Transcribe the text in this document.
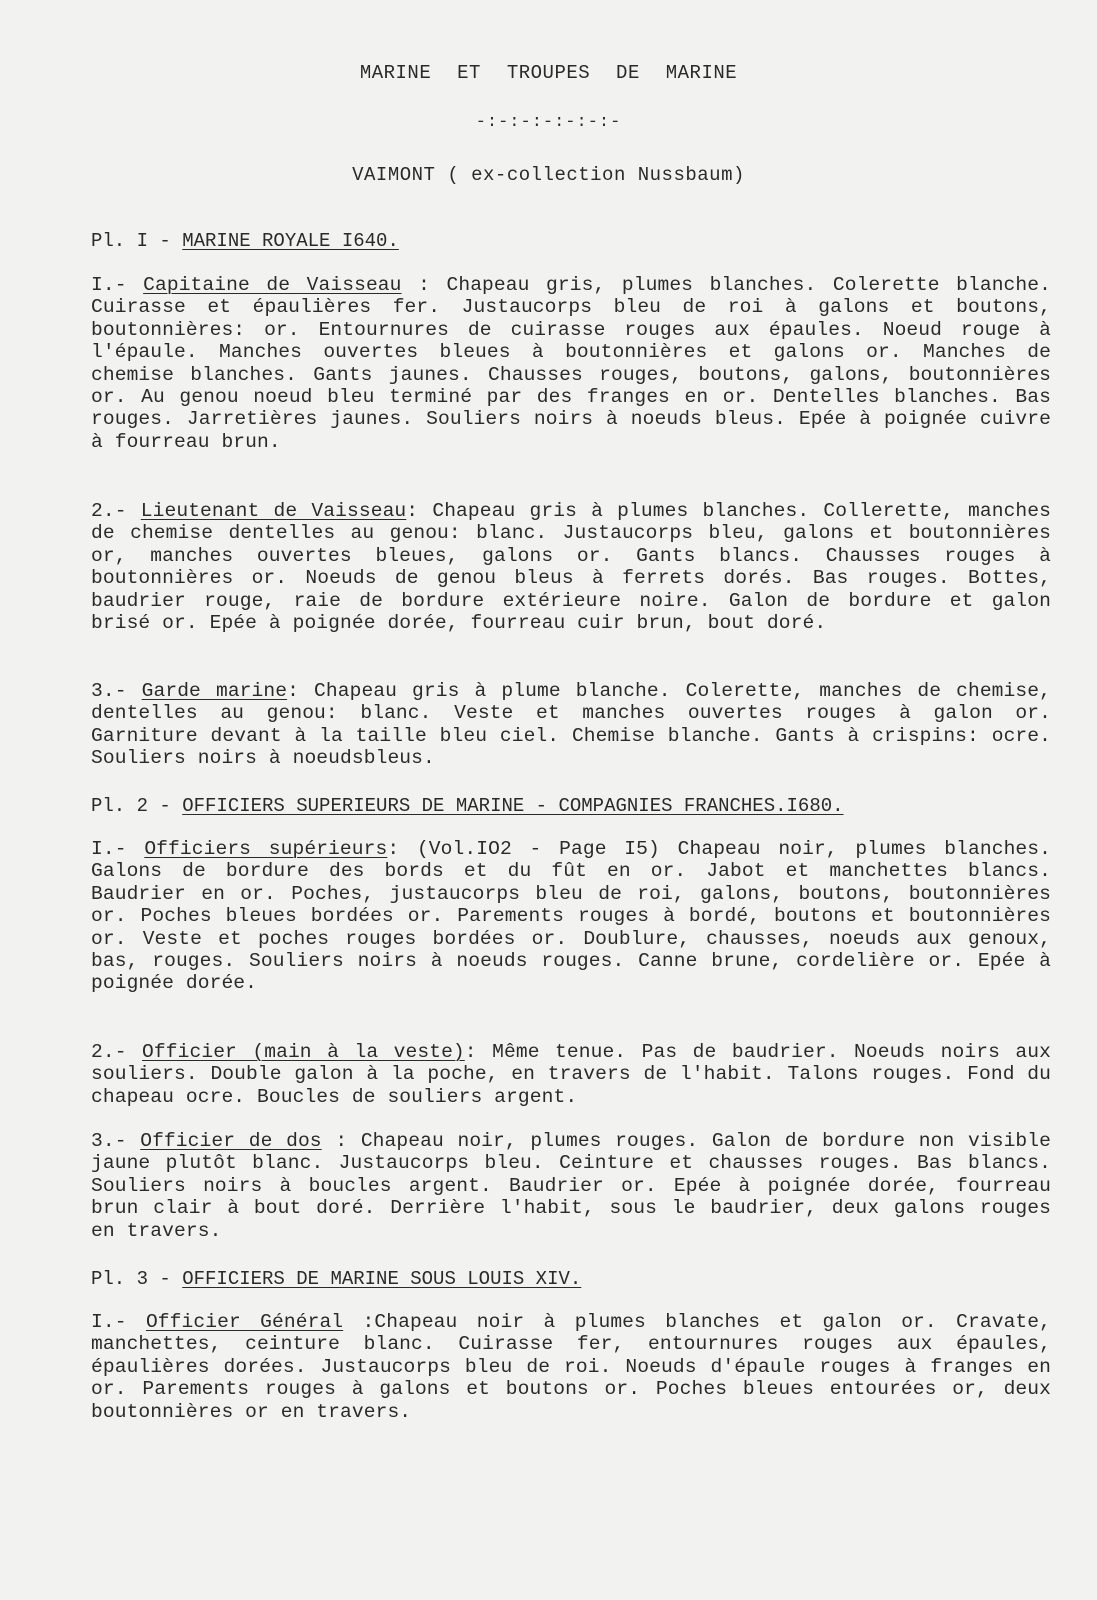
MARINE ET TROUPES DE MARINE
-:-:-:-:-:-:-
VAIMONT ( ex-collection Nussbaum)
Pl. I - MARINE ROYALE I640.
I.- Capitaine de Vaisseau : Chapeau gris, plumes blanches. Colerette blanche. Cuirasse et épaulières fer. Justaucorps bleu de roi à galons et boutons, boutonnières: or. Entournures de cuirasse rouges aux épaules. Noeud rouge à l'épaule. Manches ouvertes bleues à boutonnières et galons or. Manches de chemise blanches. Gants jaunes. Chausses rouges, boutons, galons, boutonnières or. Au genou noeud bleu terminé par des franges en or. Dentelles blanches. Bas rouges. Jarretières jaunes. Souliers noirs à noeuds bleus. Epée à poignée cuivre à fourreau brun.
2.- Lieutenant de Vaisseau: Chapeau gris à plumes blanches. Collerette, manches de chemise dentelles au genou: blanc. Justaucorps bleu, galons et boutonnières or, manches ouvertes bleues, galons or. Gants blancs. Chausses rouges à boutonnières or. Noeuds de genou bleus à ferrets dorés. Bas rouges. Bottes, baudrier rouge, raie de bordure extérieure noire. Galon de bordure et galon brisé or. Epée à poignée dorée, fourreau cuir brun, bout doré.
3.- Garde marine: Chapeau gris à plume blanche. Colerette, manches de chemise, dentelles au genou: blanc. Veste et manches ouvertes rouges à galon or. Garniture devant à la taille bleu ciel. Chemise blanche. Gants à crispins: ocre. Souliers noirs à noeudsbleus.
Pl. 2 - OFFICIERS SUPERIEURS DE MARINE - COMPAGNIES FRANCHES.I680.
I.- Officiers supérieurs: (Vol.IO2 - Page I5) Chapeau noir, plumes blanches. Galons de bordure des bords et du fût en or. Jabot et manchettes blancs. Baudrier en or. Poches, justaucorps bleu de roi, galons, boutons, boutonnières or. Poches bleues bordées or. Parements rouges à bordé, boutons et boutonnières or. Veste et poches rouges bordées or. Doublure, chausses, noeuds aux genoux, bas, rouges. Souliers noirs à noeuds rouges. Canne brune, cordelière or. Epée à poignée dorée.
2.- Officier (main à la veste): Même tenue. Pas de baudrier. Noeuds noirs aux souliers. Double galon à la poche, en travers de l'habit. Talons rouges. Fond du chapeau ocre. Boucles de souliers argent.
3.- Officier de dos : Chapeau noir, plumes rouges. Galon de bordure non visible jaune plutôt blanc. Justaucorps bleu. Ceinture et chausses rouges. Bas blancs. Souliers noirs à boucles argent. Baudrier or. Epée à poignée dorée, fourreau brun clair à bout doré. Derrière l'habit, sous le baudrier, deux galons rouges en travers.
Pl. 3 - OFFICIERS DE MARINE SOUS LOUIS XIV.
I.- Officier Général :Chapeau noir à plumes blanches et galon or. Cravate, manchettes, ceinture blanc. Cuirasse fer, entournures rouges aux épaules, épaulières dorées. Justaucorps bleu de roi. Noeuds d'épaule rouges à franges en or. Parements rouges à galons et boutons or. Poches bleues entourées or, deux boutonnières or en travers.
